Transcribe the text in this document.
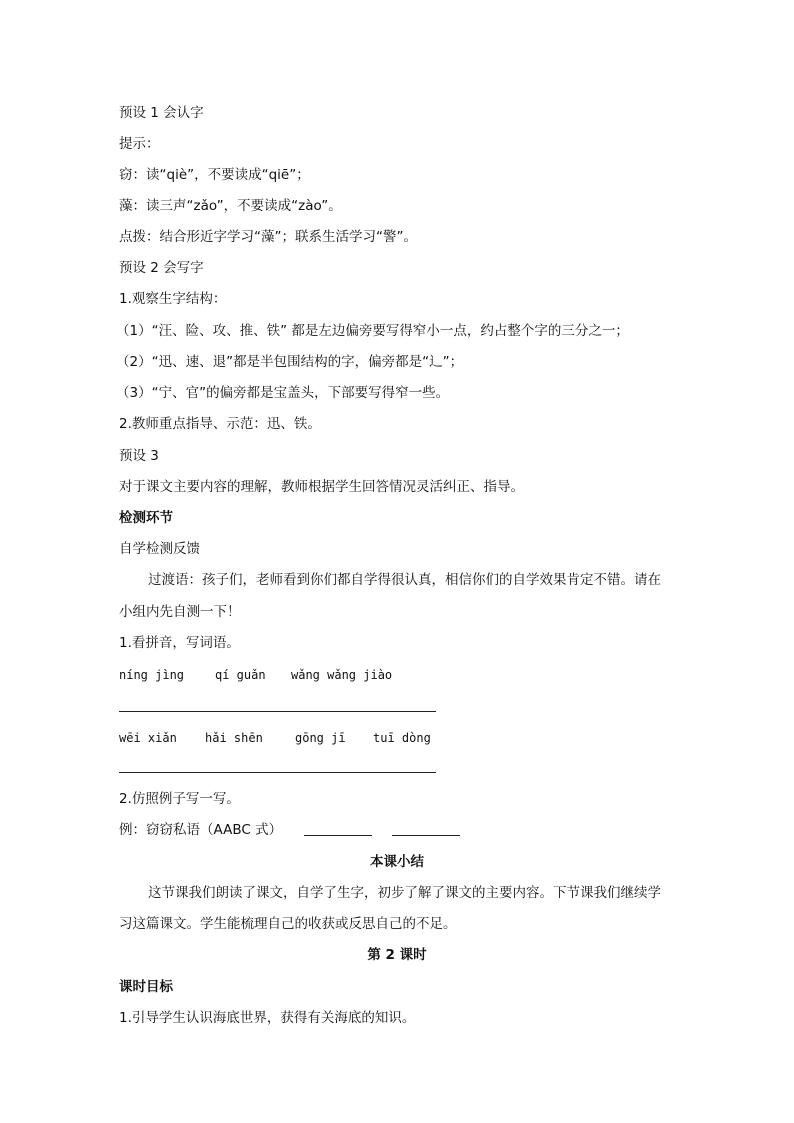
预设 1 会认字
提示：
窃：读“qiè”，不要读成“qiē”；
藻：读三声“zǎo”，不要读成“zào”。
点拨：结合形近字学习“藻”；联系生活学习“警”。
预设 2 会写字
1.观察生字结构：
（1）“汪、险、攻、推、铁” 都是左边偏旁要写得窄小一点，约占整个字的三分之一；
（2）“迅、速、退”都是半包围结构的字，偏旁都是“辶”；
（3）“宁、官”的偏旁都是宝盖头，下部要写得窄一些。
2.教师重点指导、示范：迅、铁。
预设 3
对于课文主要内容的理解，教师根据学生回答情况灵活纠正、指导。
检测环节
自学检测反馈
过渡语：孩子们，老师看到你们都自学得很认真，相信你们的自学效果肯定不错。请在
小组内先自测一下！
1.看拼音，写词语。
níng jìng	qí guǎn wǎng wǎng jiào
wēi xiǎn hǎi shēn	gōng jī tuī dòng
2.仿照例子写一写。
例：窃窃私语（AABC 式）
本课小结
这节课我们朗读了课文，自学了生字，初步了解了课文的主要内容。下节课我们继续学
习这篇课文。学生能梳理自己的收获或反思自己的不足。
第 2 课时
课时目标
1.引导学生认识海底世界，获得有关海底的知识。
